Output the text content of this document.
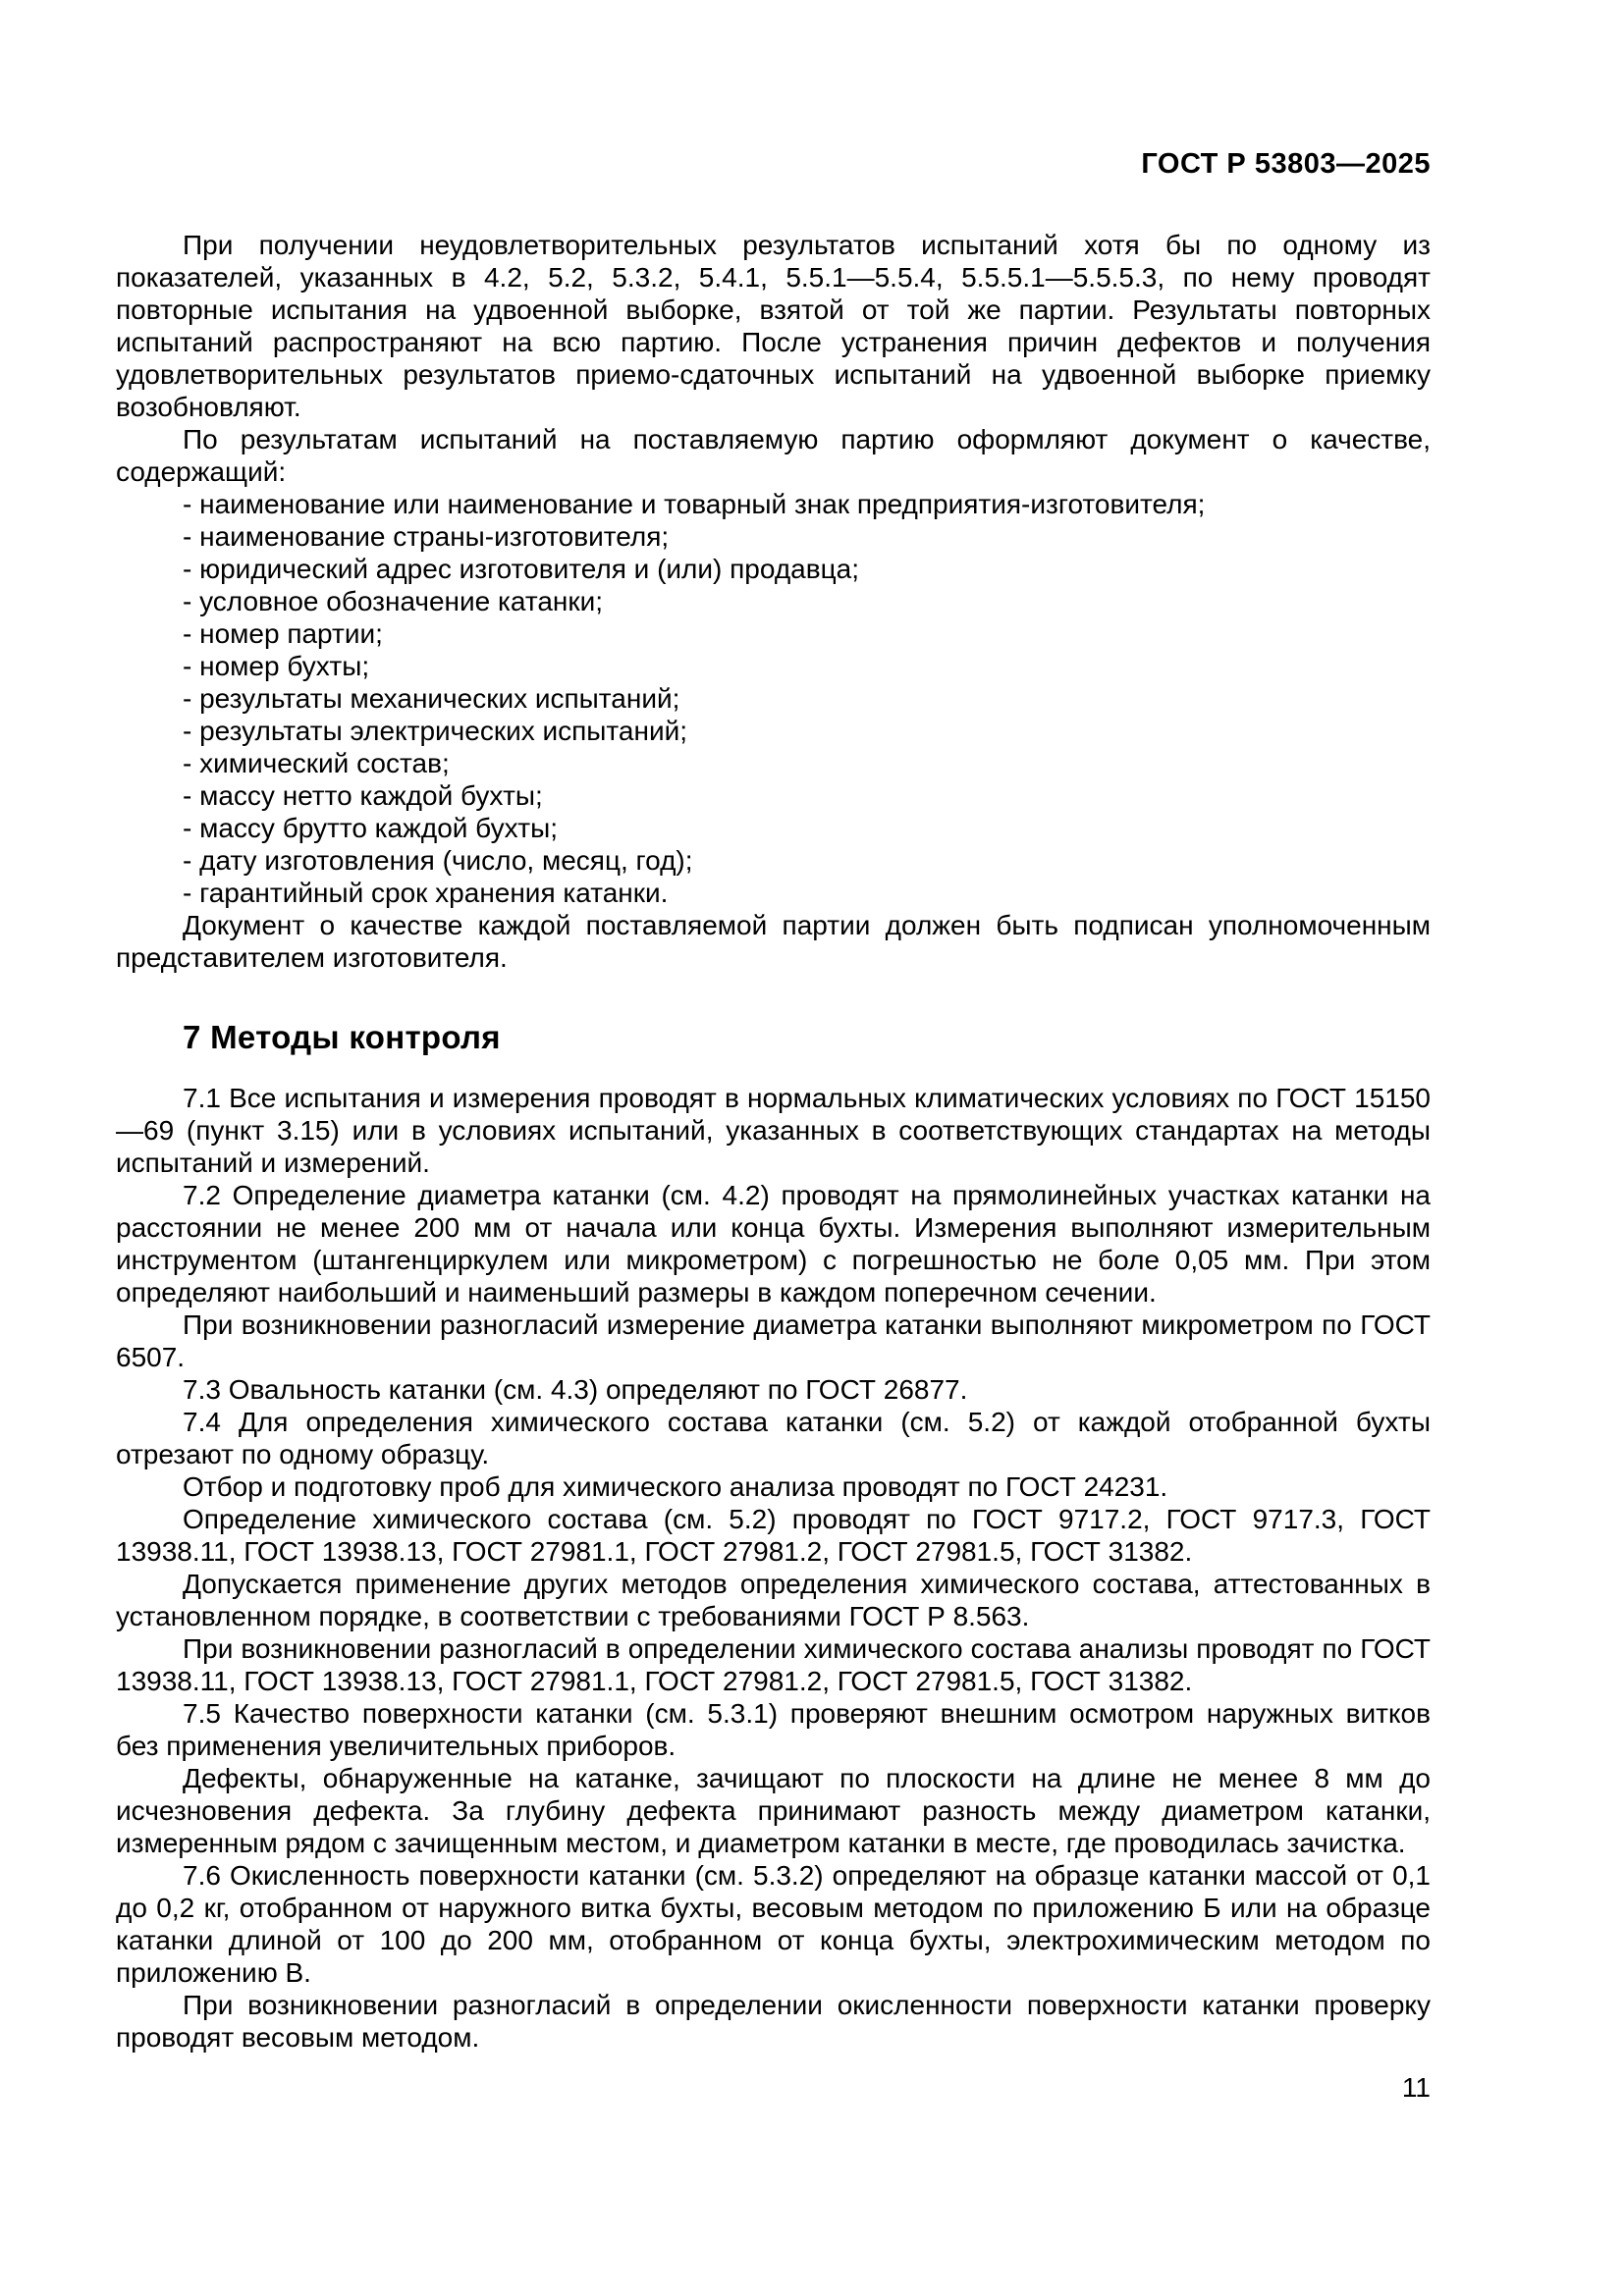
ГОСТ Р 53803—2025

При получении неудовлетворительных результатов испытаний хотя бы по одному из показателей, указанных в 4.2, 5.2, 5.3.2, 5.4.1, 5.5.1—5.5.4, 5.5.5.1—5.5.5.3, по нему проводят повторные испытания на удвоенной выборке, взятой от той же партии. Результаты повторных испытаний распространяют на всю партию. После устранения причин дефектов и получения удовлетворительных результатов приемо-сдаточных испытаний на удвоенной выборке приемку возобновляют.

По результатам испытаний на поставляемую партию оформляют документ о качестве, содержащий:

- наименование или наименование и товарный знак предприятия-изготовителя;
- наименование страны-изготовителя;
- юридический адрес изготовителя и (или) продавца;
- условное обозначение катанки;
- номер партии;
- номер бухты;
- результаты механических испытаний;
- результаты электрических испытаний;
- химический состав;
- массу нетто каждой бухты;
- массу брутто каждой бухты;
- дату изготовления (число, месяц, год);
- гарантийный срок хранения катанки.

Документ о качестве каждой поставляемой партии должен быть подписан уполномоченным представителем изготовителя.

7 Методы контроля

7.1 Все испытания и измерения проводят в нормальных климатических условиях по ГОСТ 15150—69 (пункт 3.15) или в условиях испытаний, указанных в соответствующих стандартах на методы испытаний и измерений.

7.2 Определение диаметра катанки (см. 4.2) проводят на прямолинейных участках катанки на расстоянии не менее 200 мм от начала или конца бухты. Измерения выполняют измерительным инструментом (штангенциркулем или микрометром) с погрешностью не боле 0,05 мм. При этом определяют наибольший и наименьший размеры в каждом поперечном сечении.

При возникновении разногласий измерение диаметра катанки выполняют микрометром по ГОСТ 6507.

7.3 Овальность катанки (см. 4.3) определяют по ГОСТ 26877.

7.4 Для определения химического состава катанки (см. 5.2) от каждой отобранной бухты отрезают по одному образцу.

Отбор и подготовку проб для химического анализа проводят по ГОСТ 24231.

Определение химического состава (см. 5.2) проводят по ГОСТ 9717.2, ГОСТ 9717.3, ГОСТ 13938.11, ГОСТ 13938.13, ГОСТ 27981.1, ГОСТ 27981.2, ГОСТ 27981.5, ГОСТ 31382.

Допускается применение других методов определения химического состава, аттестованных в установленном порядке, в соответствии с требованиями ГОСТ Р 8.563.

При возникновении разногласий в определении химического состава анализы проводят по ГОСТ 13938.11, ГОСТ 13938.13, ГОСТ 27981.1, ГОСТ 27981.2, ГОСТ 27981.5, ГОСТ 31382.

7.5 Качество поверхности катанки (см. 5.3.1) проверяют внешним осмотром наружных витков без применения увеличительных приборов.

Дефекты, обнаруженные на катанке, зачищают по плоскости на длине не менее 8 мм до исчезновения дефекта. За глубину дефекта принимают разность между диаметром катанки, измеренным рядом с зачищенным местом, и диаметром катанки в месте, где проводилась зачистка.

7.6 Окисленность поверхности катанки (см. 5.3.2) определяют на образце катанки массой от 0,1 до 0,2 кг, отобранном от наружного витка бухты, весовым методом по приложению Б или на образце катанки длиной от 100 до 200 мм, отобранном от конца бухты, электрохимическим методом по приложению В.

При возникновении разногласий в определении окисленности поверхности катанки проверку проводят весовым методом.

11
